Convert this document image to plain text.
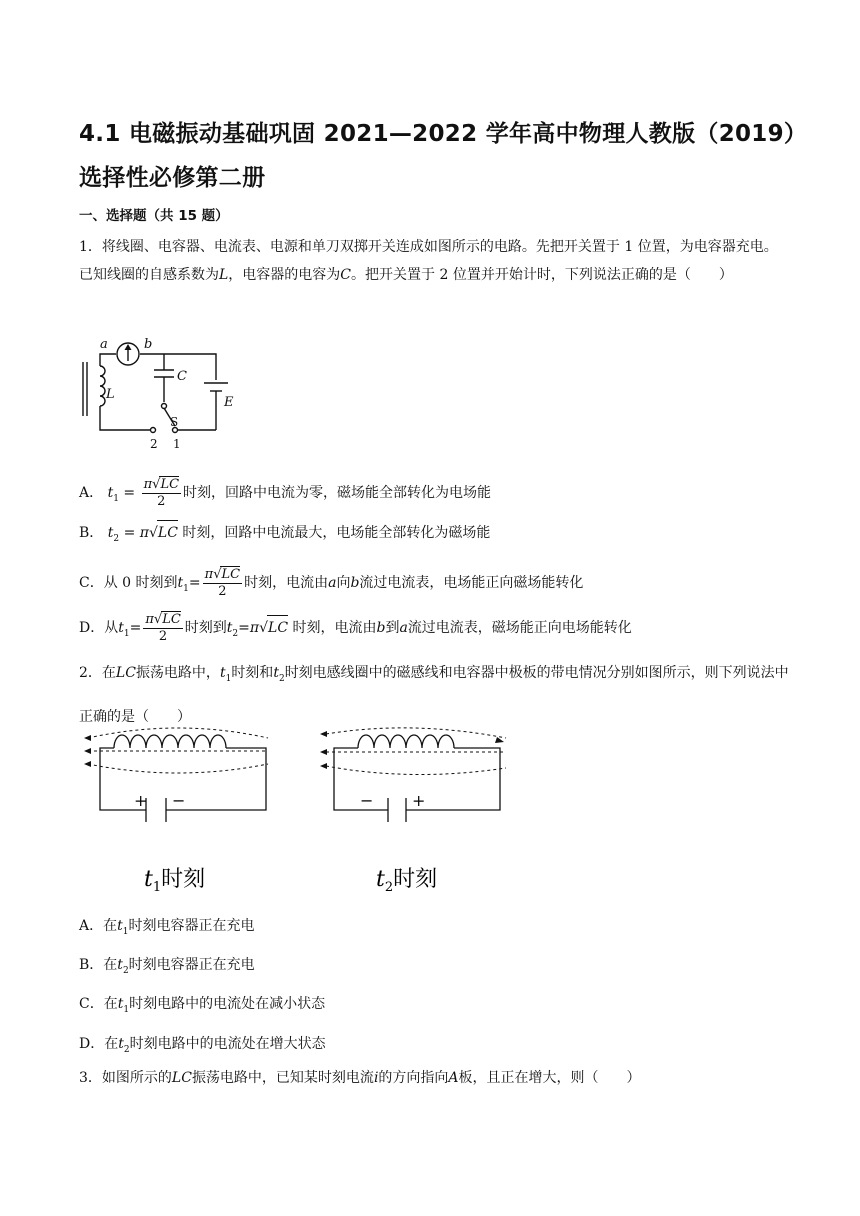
4.1 电磁振动基础巩固 2021—2022 学年高中物理人教版（2019）选择性必修第二册
一、选择题（共 15 题）
1．将线圈、电容器、电流表、电源和单刀双掷开关连成如图所示的电路。先把开关置于 1 位置，为电容器充电。已知线圈的自感系数为L，电容器的电容为C。把开关置于 2 位置并开始计时，下列说法正确的是（　　）
a	b
C
L
E
S
2 1
A． $t_1 = \frac{\pi√LC}{2}$ 时刻，回路中电流为零，磁场能全部转化为电场能
B． $t_2 = \pi√LC$ 时刻，回路中电流最大，电场能全部转化为磁场能
C．从 0 时刻到$t_1= \frac{\pi√LC}{2}$ 时刻，电流由a向b流过电流表，电场能正向磁场能转化
D．从$t_1= \frac{\pi√LC}{2}$ 时刻到$t_2=\pi√LC$ 时刻，电流由b到a流过电流表，磁场能正向电场能转化
2．在LC振荡电路中，$t_1$时刻和$t_2$时刻电感线圈中的磁感线和电容器中极板的带电情况分别如图所示，则下列说法中正确的是（　　）
+ −
$t_1$时刻
− +
$t_2$时刻
A．在$t_1$时刻电容器正在充电
B．在$t_2$时刻电容器正在充电
C．在$t_1$时刻电路中的电流处在减小状态
D．在$t_2$时刻电路中的电流处在增大状态
3．如图所示的LC振荡电路中，已知某时刻电流i的方向指向A板，且正在增大，则（　　）
